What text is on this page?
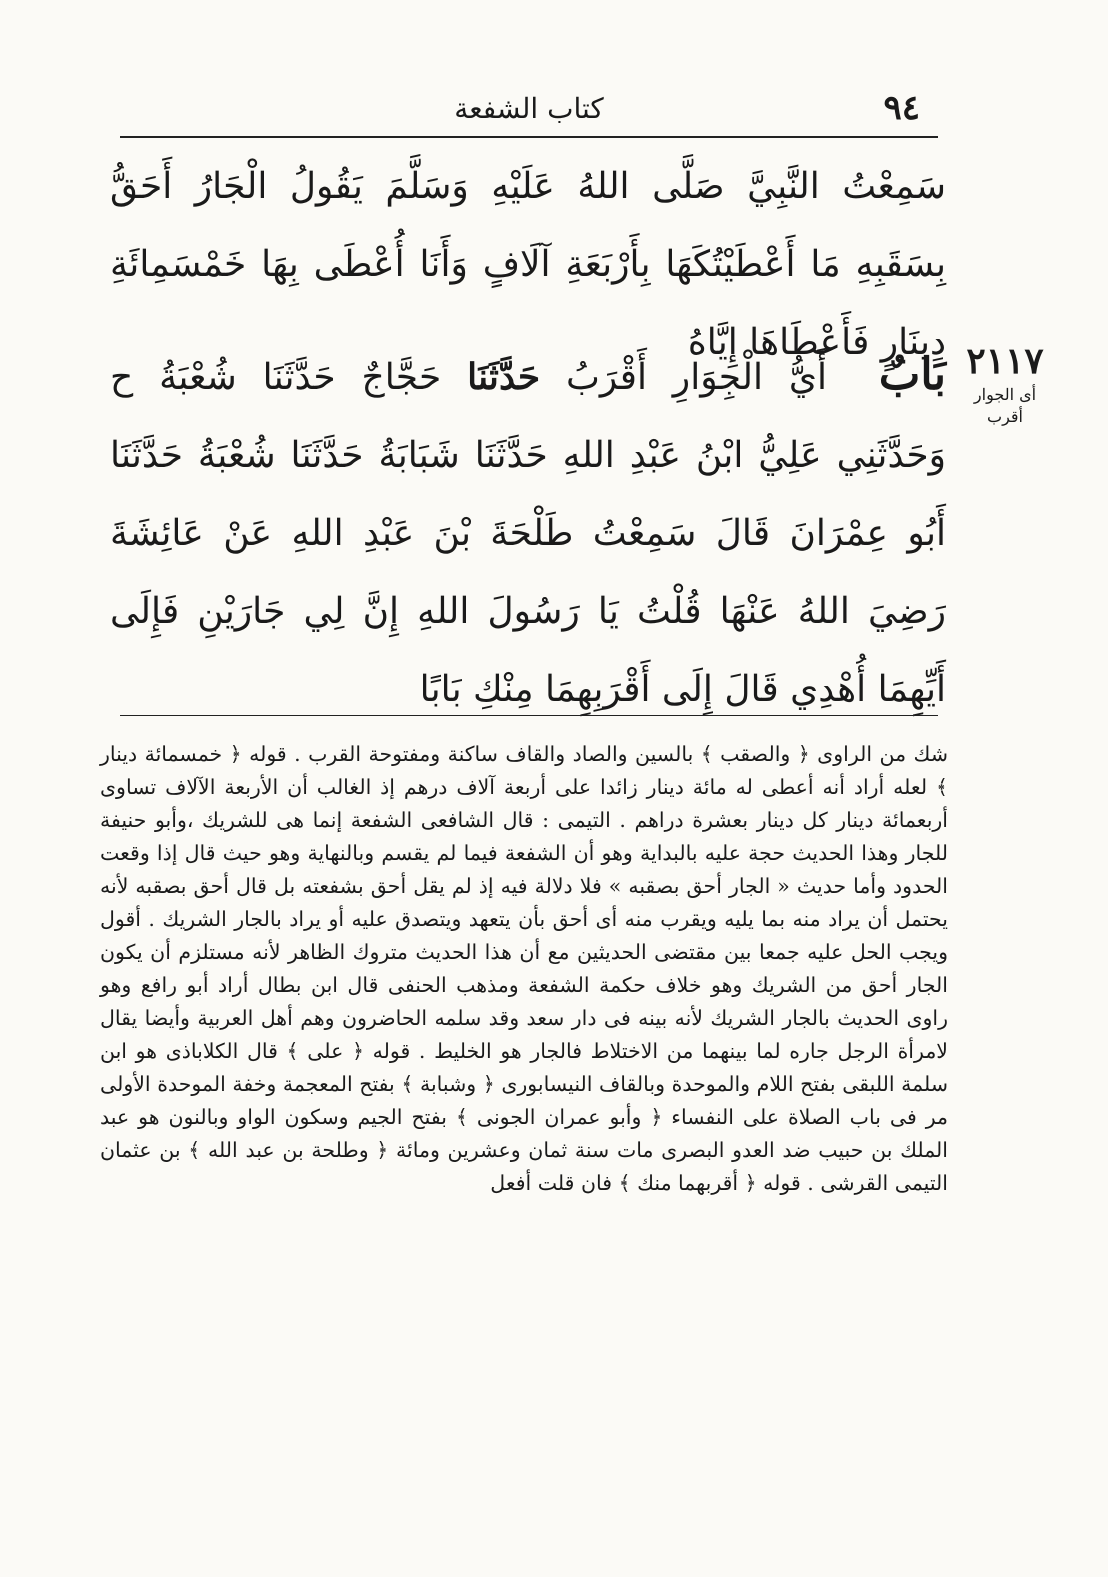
٩٤
كتاب الشفعة

سَمِعْتُ النَّبِيَّ صَلَّى اللهُ عَلَيْهِ وَسَلَّمَ يَقُولُ الْجَارُ أَحَقُّ بِسَقَبِهِ مَا أَعْطَيْتُكَهَا بِأَرْبَعَةِ آلَافٍ وَأَنَا أُعْطَى بِهَا خَمْسَمِائَةِ دِينَارٍ فَأَعْطَاهَا إِيَّاهُ ٢١١٧
أى الجوار أقرب

بَابٌ أَيُّ الْجِوَارِ أَقْرَبُ حَدَّثَنَا حَجَّاجٌ حَدَّثَنَا شُعْبَةُ ح وَحَدَّثَنِي عَلِيُّ ابْنُ عَبْدِ اللهِ حَدَّثَنَا شَبَابَةُ حَدَّثَنَا شُعْبَةُ حَدَّثَنَا أَبُو عِمْرَانَ قَالَ سَمِعْتُ طَلْحَةَ بْنَ عَبْدِ اللهِ عَنْ عَائِشَةَ رَضِيَ اللهُ عَنْهَا قُلْتُ يَا رَسُولَ اللهِ إِنَّ لِي جَارَيْنِ فَإِلَى أَيِّهِمَا أُهْدِي قَالَ إِلَى أَقْرَبِهِمَا مِنْكِ بَابًا

شك من الراوى ﴿ والصقب ﴾ بالسين والصاد والقاف ساكنة ومفتوحة القرب . قوله ﴿ خمسمائة دينار ﴾ لعله أراد أنه أعطى له مائة دينار زائدا على أربعة آلاف درهم إذ الغالب أن الأربعة الآلاف تساوى أربعمائة دينار كل دينار بعشرة دراهم . التيمى : قال الشافعى الشفعة إنما هى للشريك ،وأبو حنيفة للجار وهذا الحديث حجة عليه بالبداية وهو أن الشفعة فيما لم يقسم وبالنهاية وهو حيث قال إذا وقعت الحدود وأما حديث « الجار أحق بصقبه » فلا دلالة فيه إذ لم يقل أحق بشفعته بل قال أحق بصقبه لأنه يحتمل أن يراد منه بما يليه ويقرب منه أى أحق بأن يتعهد ويتصدق عليه أو يراد بالجار الشريك . أقول ويجب الحل عليه جمعا بين مقتضى الحديثين مع أن هذا الحديث متروك الظاهر لأنه مستلزم أن يكون الجار أحق من الشريك وهو خلاف حكمة الشفعة ومذهب الحنفى قال ابن بطال أراد أبو رافع وهو راوى الحديث بالجار الشريك لأنه بينه فى دار سعد وقد سلمه الحاضرون وهم أهل العربية وأيضا يقال لامرأة الرجل جاره لما بينهما من الاختلاط فالجار هو الخليط . قوله ﴿ على ﴾ قال الكلاباذى هو ابن سلمة اللبقى بفتح اللام والموحدة وبالقاف النيسابورى ﴿ وشبابة ﴾ بفتح المعجمة وخفة الموحدة الأولى مر فى باب الصلاة على النفساء ﴿ وأبو عمران الجونى ﴾ بفتح الجيم وسكون الواو وبالنون هو عبد الملك بن حبيب ضد العدو البصرى مات سنة ثمان وعشرين ومائة ﴿ وطلحة بن عبد الله ﴾ بن عثمان التيمى القرشى . قوله ﴿ أقربهما منك ﴾ فان قلت أفعل
